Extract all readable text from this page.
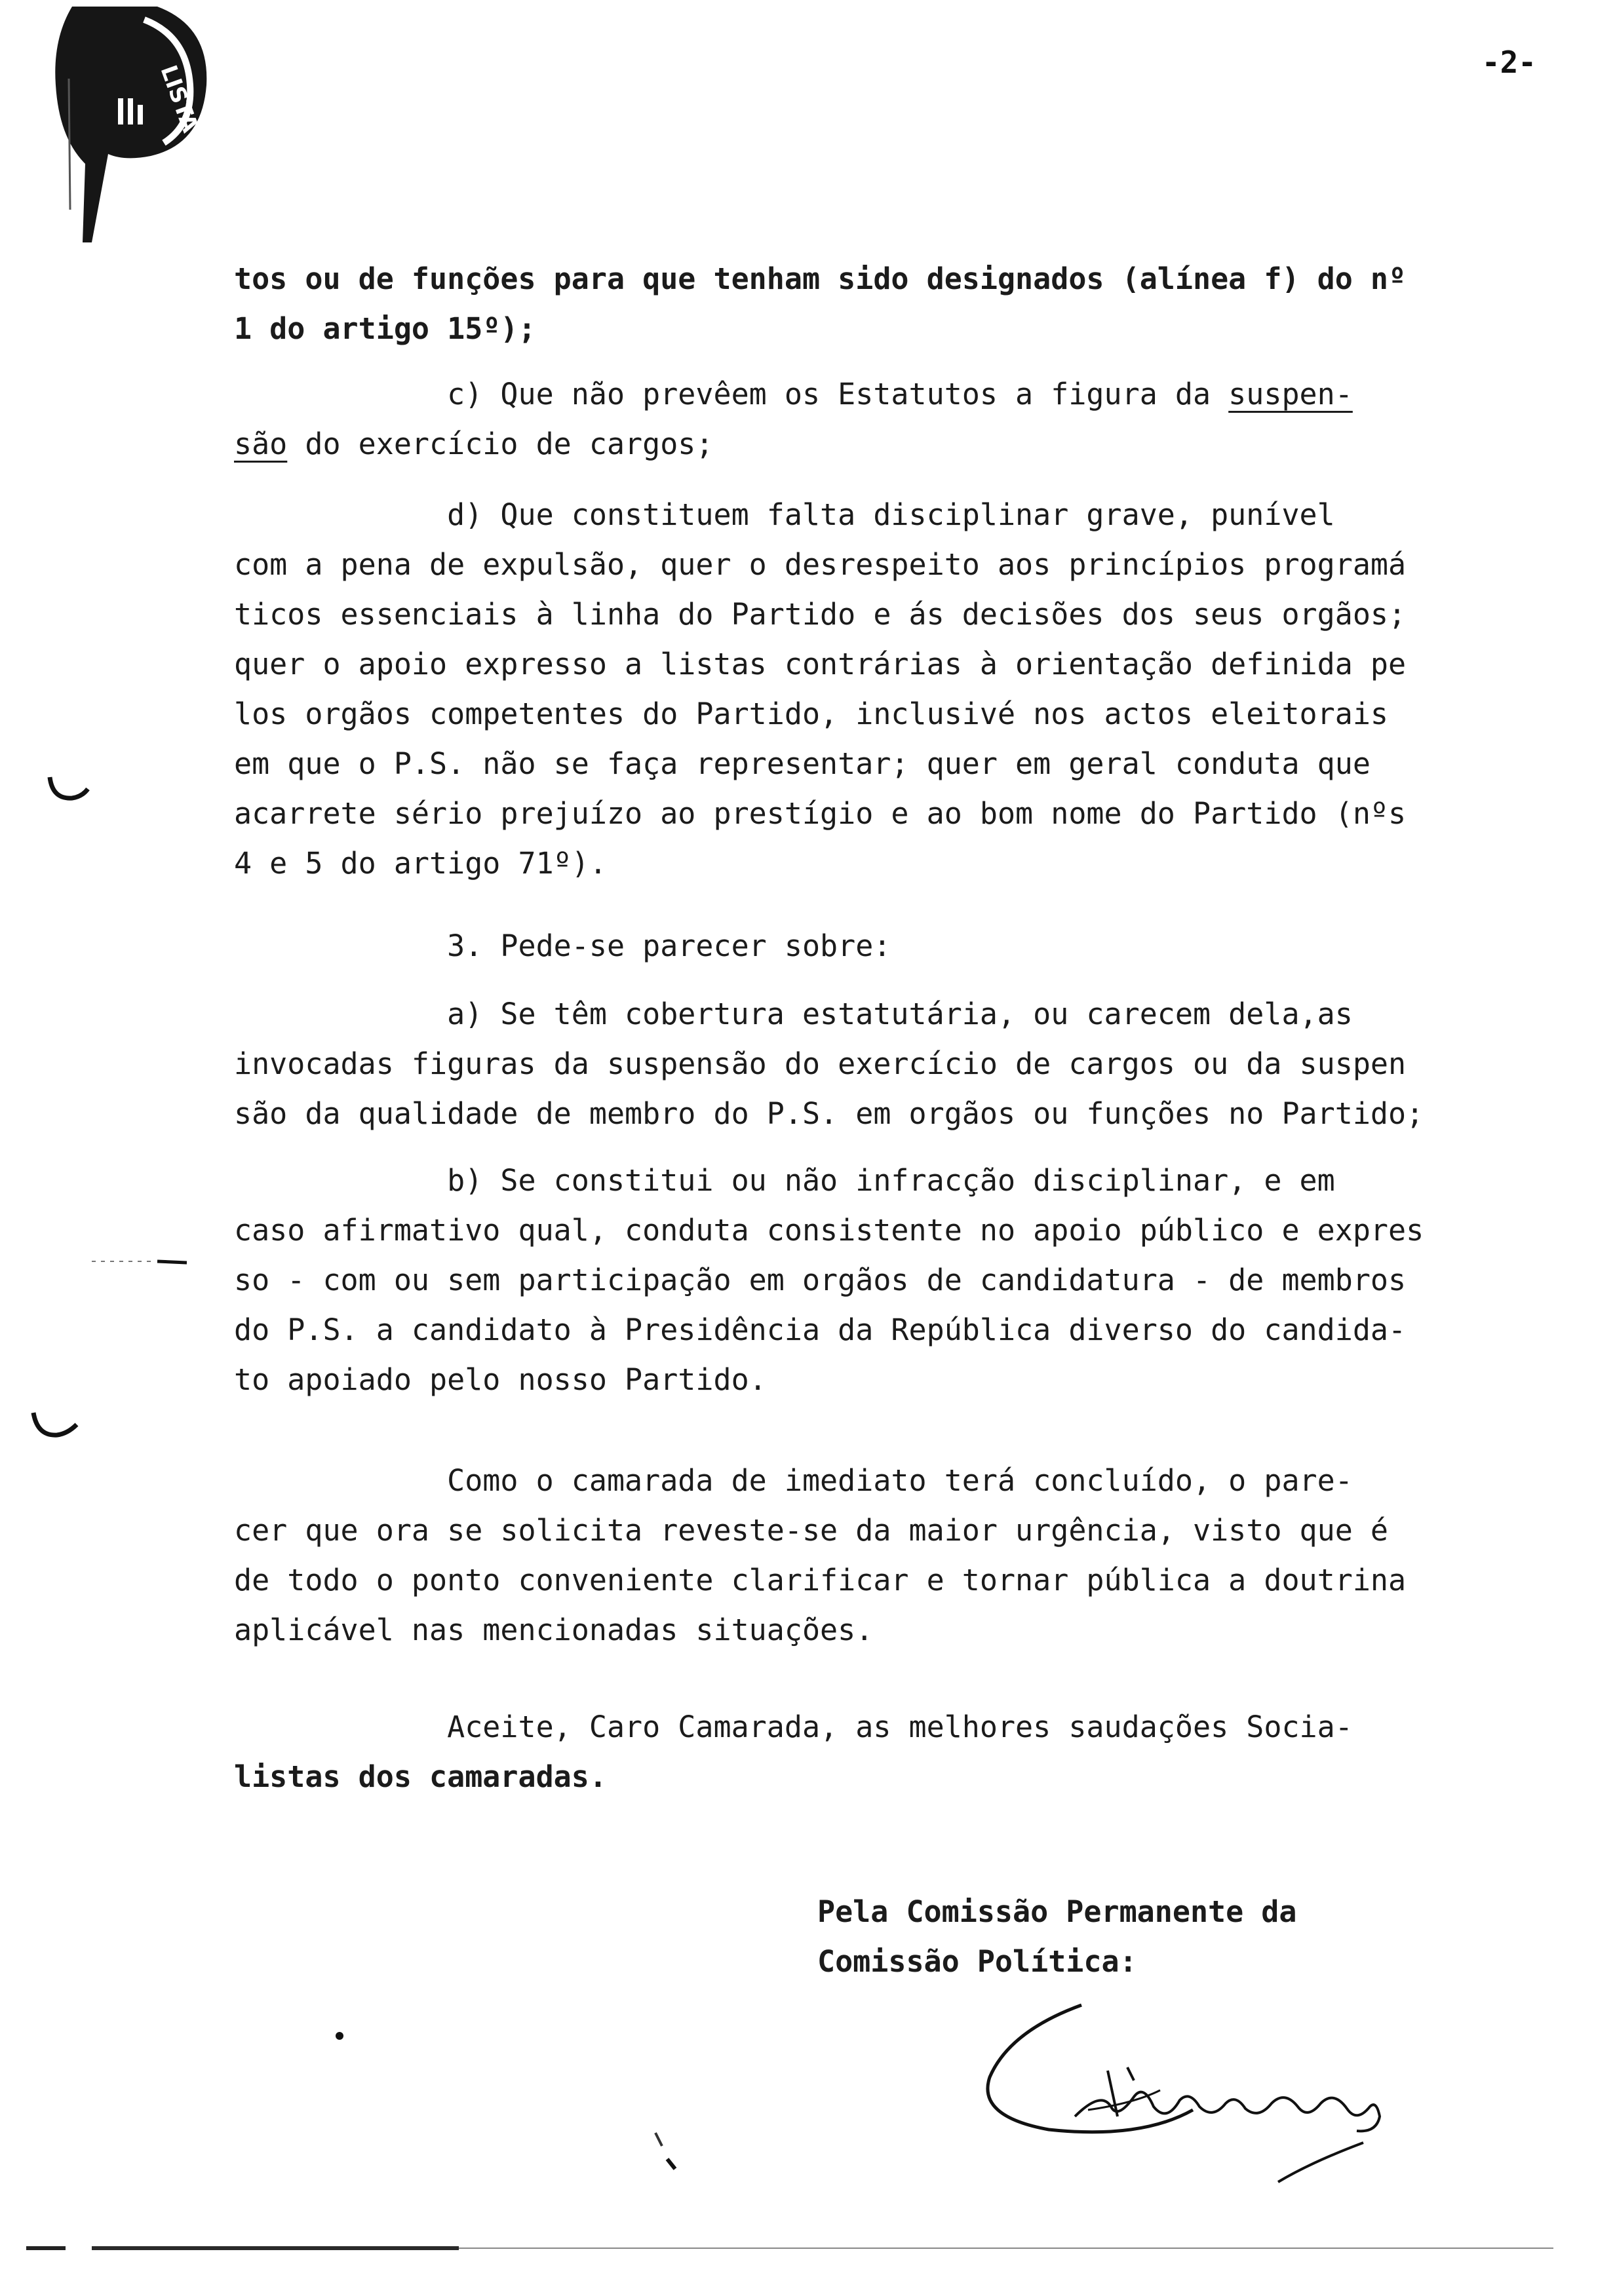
LISTA	-2-
tos ou de funções para que tenham sido designados (alínea f) do nº
1 do artigo 15º);
c) Que não prevêem os Estatutos a figura da suspen-
são do exercício de cargos;
d) Que constituem falta disciplinar grave, punível
com a pena de expulsão, quer o desrespeito aos princípios programá
ticos essenciais à linha do Partido e ás decisões dos seus orgãos;
quer o apoio expresso a listas contrárias à orientação definida pe
los orgãos competentes do Partido, inclusivé nos actos eleitorais
em que o P.S. não se faça representar; quer em geral conduta que
acarrete sério prejuízo ao prestígio e ao bom nome do Partido (nºs
4 e 5 do artigo 71º).
3. Pede-se parecer sobre:
a) Se têm cobertura estatutária, ou carecem dela,as
invocadas figuras da suspensão do exercício de cargos ou da suspen
são da qualidade de membro do P.S. em orgãos ou funções no Partido;
b) Se constitui ou não infracção disciplinar, e em
caso afirmativo qual, conduta consistente no apoio público e expres
so - com ou sem participação em orgãos de candidatura - de membros
do P.S. a candidato à Presidência da República diverso do candida-
to apoiado pelo nosso Partido.
Como o camarada de imediato terá concluído, o pare-
cer que ora se solicita reveste-se da maior urgência, visto que é
de todo o ponto conveniente clarificar e tornar pública a doutrina
aplicável nas mencionadas situações.
Aceite, Caro Camarada, as melhores saudações Socia-
listas dos camaradas.
Pela Comissão Permanente da
Comissão Política:
